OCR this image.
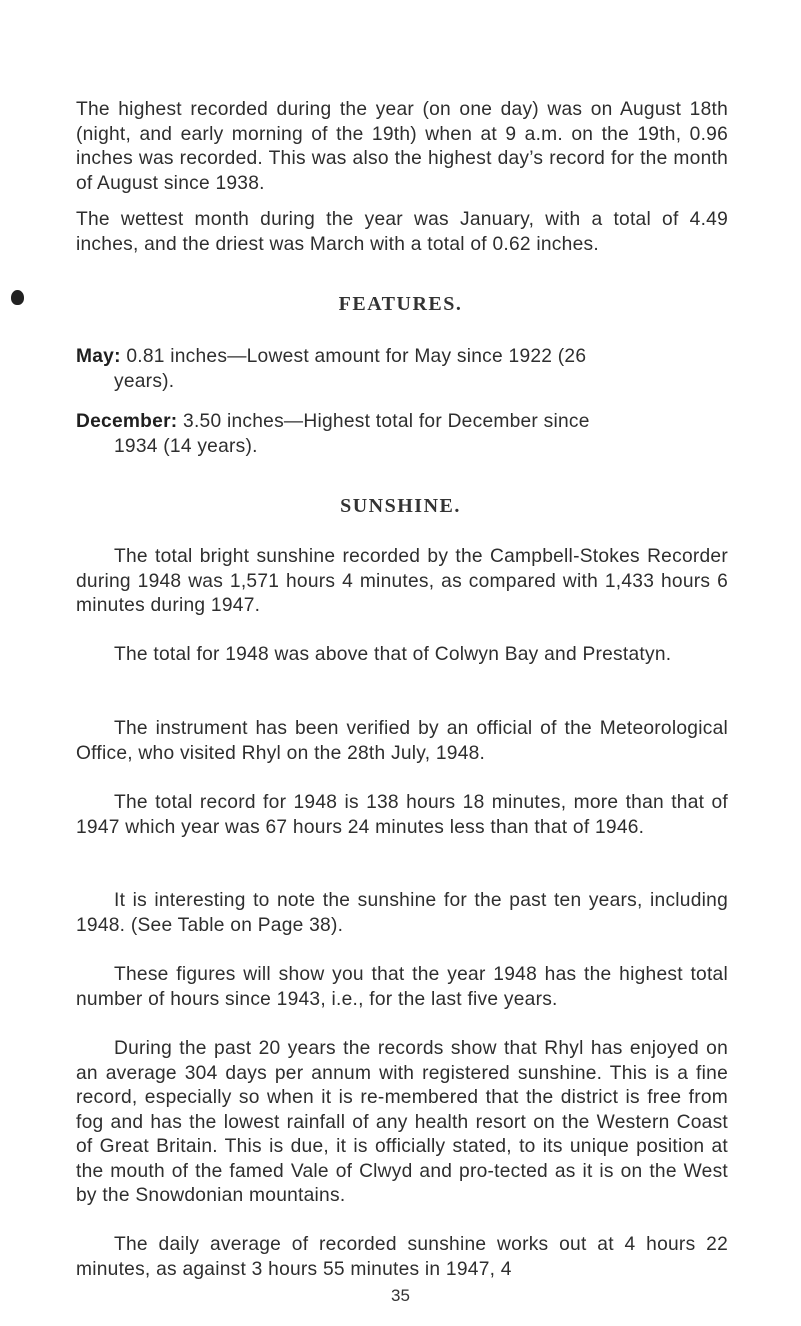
The highest recorded during the year (on one day) was on August 18th (night, and early morning of the 19th) when at 9 a.m. on the 19th, 0.96 inches was recorded. This was also the highest day’s record for the month of August since 1938.

The wettest month during the year was January, with a total of 4.49 inches, and the driest was March with a total of 0.62 inches.

FEATURES.
May: 0.81 inches—Lowest amount for May since 1922 (26
years).
December: 3.50 inches—Highest total for December since
1934 (14 years).
SUNSHINE.

The total bright sunshine recorded by the Campbell-Stokes Recorder during 1948 was 1,571 hours 4 minutes, as compared with 1,433 hours 6 minutes during 1947.

The total for 1948 was above that of Colwyn Bay and Prestatyn.

The instrument has been verified by an official of the Meteorological Office, who visited Rhyl on the 28th July, 1948.

The total record for 1948 is 138 hours 18 minutes, more than that of 1947 which year was 67 hours 24 minutes less than that of 1946.

It is interesting to note the sunshine for the past ten years, including 1948. (See Table on Page 38).

These figures will show you that the year 1948 has the highest total number of hours since 1943, i.e., for the last five years.

During the past 20 years the records show that Rhyl has enjoyed on an average 304 days per annum with registered sunshine. This is a fine record, especially so when it is re-membered that the district is free from fog and has the lowest rainfall of any health resort on the Western Coast of Great Britain. This is due, it is officially stated, to its unique position at the mouth of the famed Vale of Clwyd and pro-tected as it is on the West by the Snowdonian mountains.

The daily average of recorded sunshine works out at 4 hours 22 minutes, as against 3 hours 55 minutes in 1947, 4

35
